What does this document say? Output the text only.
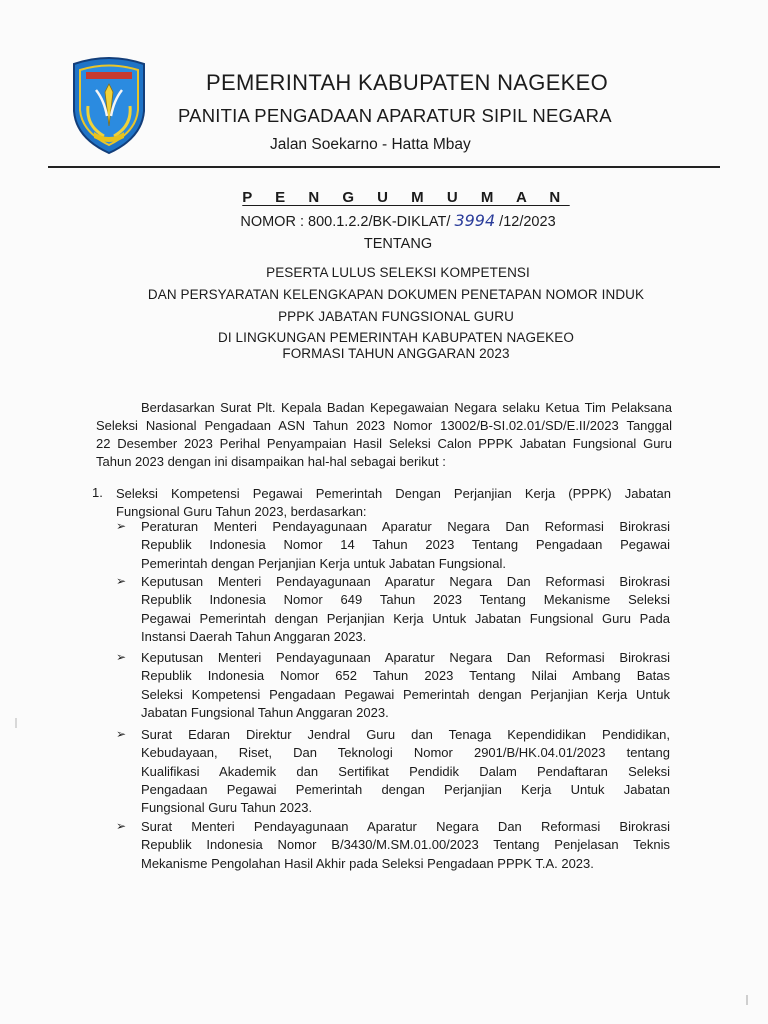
PEMERINTAH KABUPATEN NAGEKEO
PANITIA PENGADAAN APARATUR SIPIL NEGARA
Jalan Soekarno - Hatta Mbay
P E N G U M U M A N
NOMOR : 800.1.2.2/BK-DIKLAT/ 3994 /12/2023
TENTANG
PESERTA LULUS SELEKSI KOMPETENSI
DAN PERSYARATAN KELENGKAPAN DOKUMEN PENETAPAN NOMOR INDUK
PPPK JABATAN FUNGSIONAL GURU
DI LINGKUNGAN PEMERINTAH KABUPATEN NAGEKEO
FORMASI TAHUN ANGGARAN 2023
Berdasarkan Surat Plt. Kepala Badan Kepegawaian Negara selaku Ketua Tim Pelaksana
Seleksi Nasional Pengadaan ASN Tahun 2023 Nomor 13002/B-SI.02.01/SD/E.II/2023 Tanggal
22 Desember 2023 Perihal Penyampaian Hasil Seleksi Calon PPPK Jabatan Fungsional Guru
Tahun 2023 dengan ini disampaikan hal-hal sebagai berikut :
1. Seleksi Kompetensi Pegawai Pemerintah Dengan Perjanjian Kerja (PPPK) Jabatan
Fungsional Guru Tahun 2023, berdasarkan:
➢ Peraturan Menteri Pendayagunaan Aparatur Negara Dan Reformasi Birokrasi
Republik Indonesia Nomor 14 Tahun 2023 Tentang Pengadaan Pegawai
Pemerintah dengan Perjanjian Kerja untuk Jabatan Fungsional.
➢ Keputusan Menteri Pendayagunaan Aparatur Negara Dan Reformasi Birokrasi
Republik Indonesia Nomor 649 Tahun 2023 Tentang Mekanisme Seleksi
Pegawai Pemerintah dengan Perjanjian Kerja Untuk Jabatan Fungsional Guru Pada
Instansi Daerah Tahun Anggaran 2023.
➢ Keputusan Menteri Pendayagunaan Aparatur Negara Dan Reformasi Birokrasi
Republik Indonesia Nomor 652 Tahun 2023 Tentang Nilai Ambang Batas
Seleksi Kompetensi Pengadaan Pegawai Pemerintah dengan Perjanjian Kerja Untuk
Jabatan Fungsional Tahun Anggaran 2023.
➢ Surat Edaran Direktur Jendral Guru dan Tenaga Kependidikan Pendidikan,
Kebudayaan, Riset, Dan Teknologi Nomor 2901/B/HK.04.01/2023 tentang
Kualifikasi Akademik dan Sertifikat Pendidik Dalam Pendaftaran Seleksi
Pengadaan Pegawai Pemerintah dengan Perjanjian Kerja Untuk Jabatan
Fungsional Guru Tahun 2023.
➢ Surat Menteri Pendayagunaan Aparatur Negara Dan Reformasi Birokrasi
Republik Indonesia Nomor B/3430/M.SM.01.00/2023 Tentang Penjelasan Teknis
Mekanisme Pengolahan Hasil Akhir pada Seleksi Pengadaan PPPK T.A. 2023.
